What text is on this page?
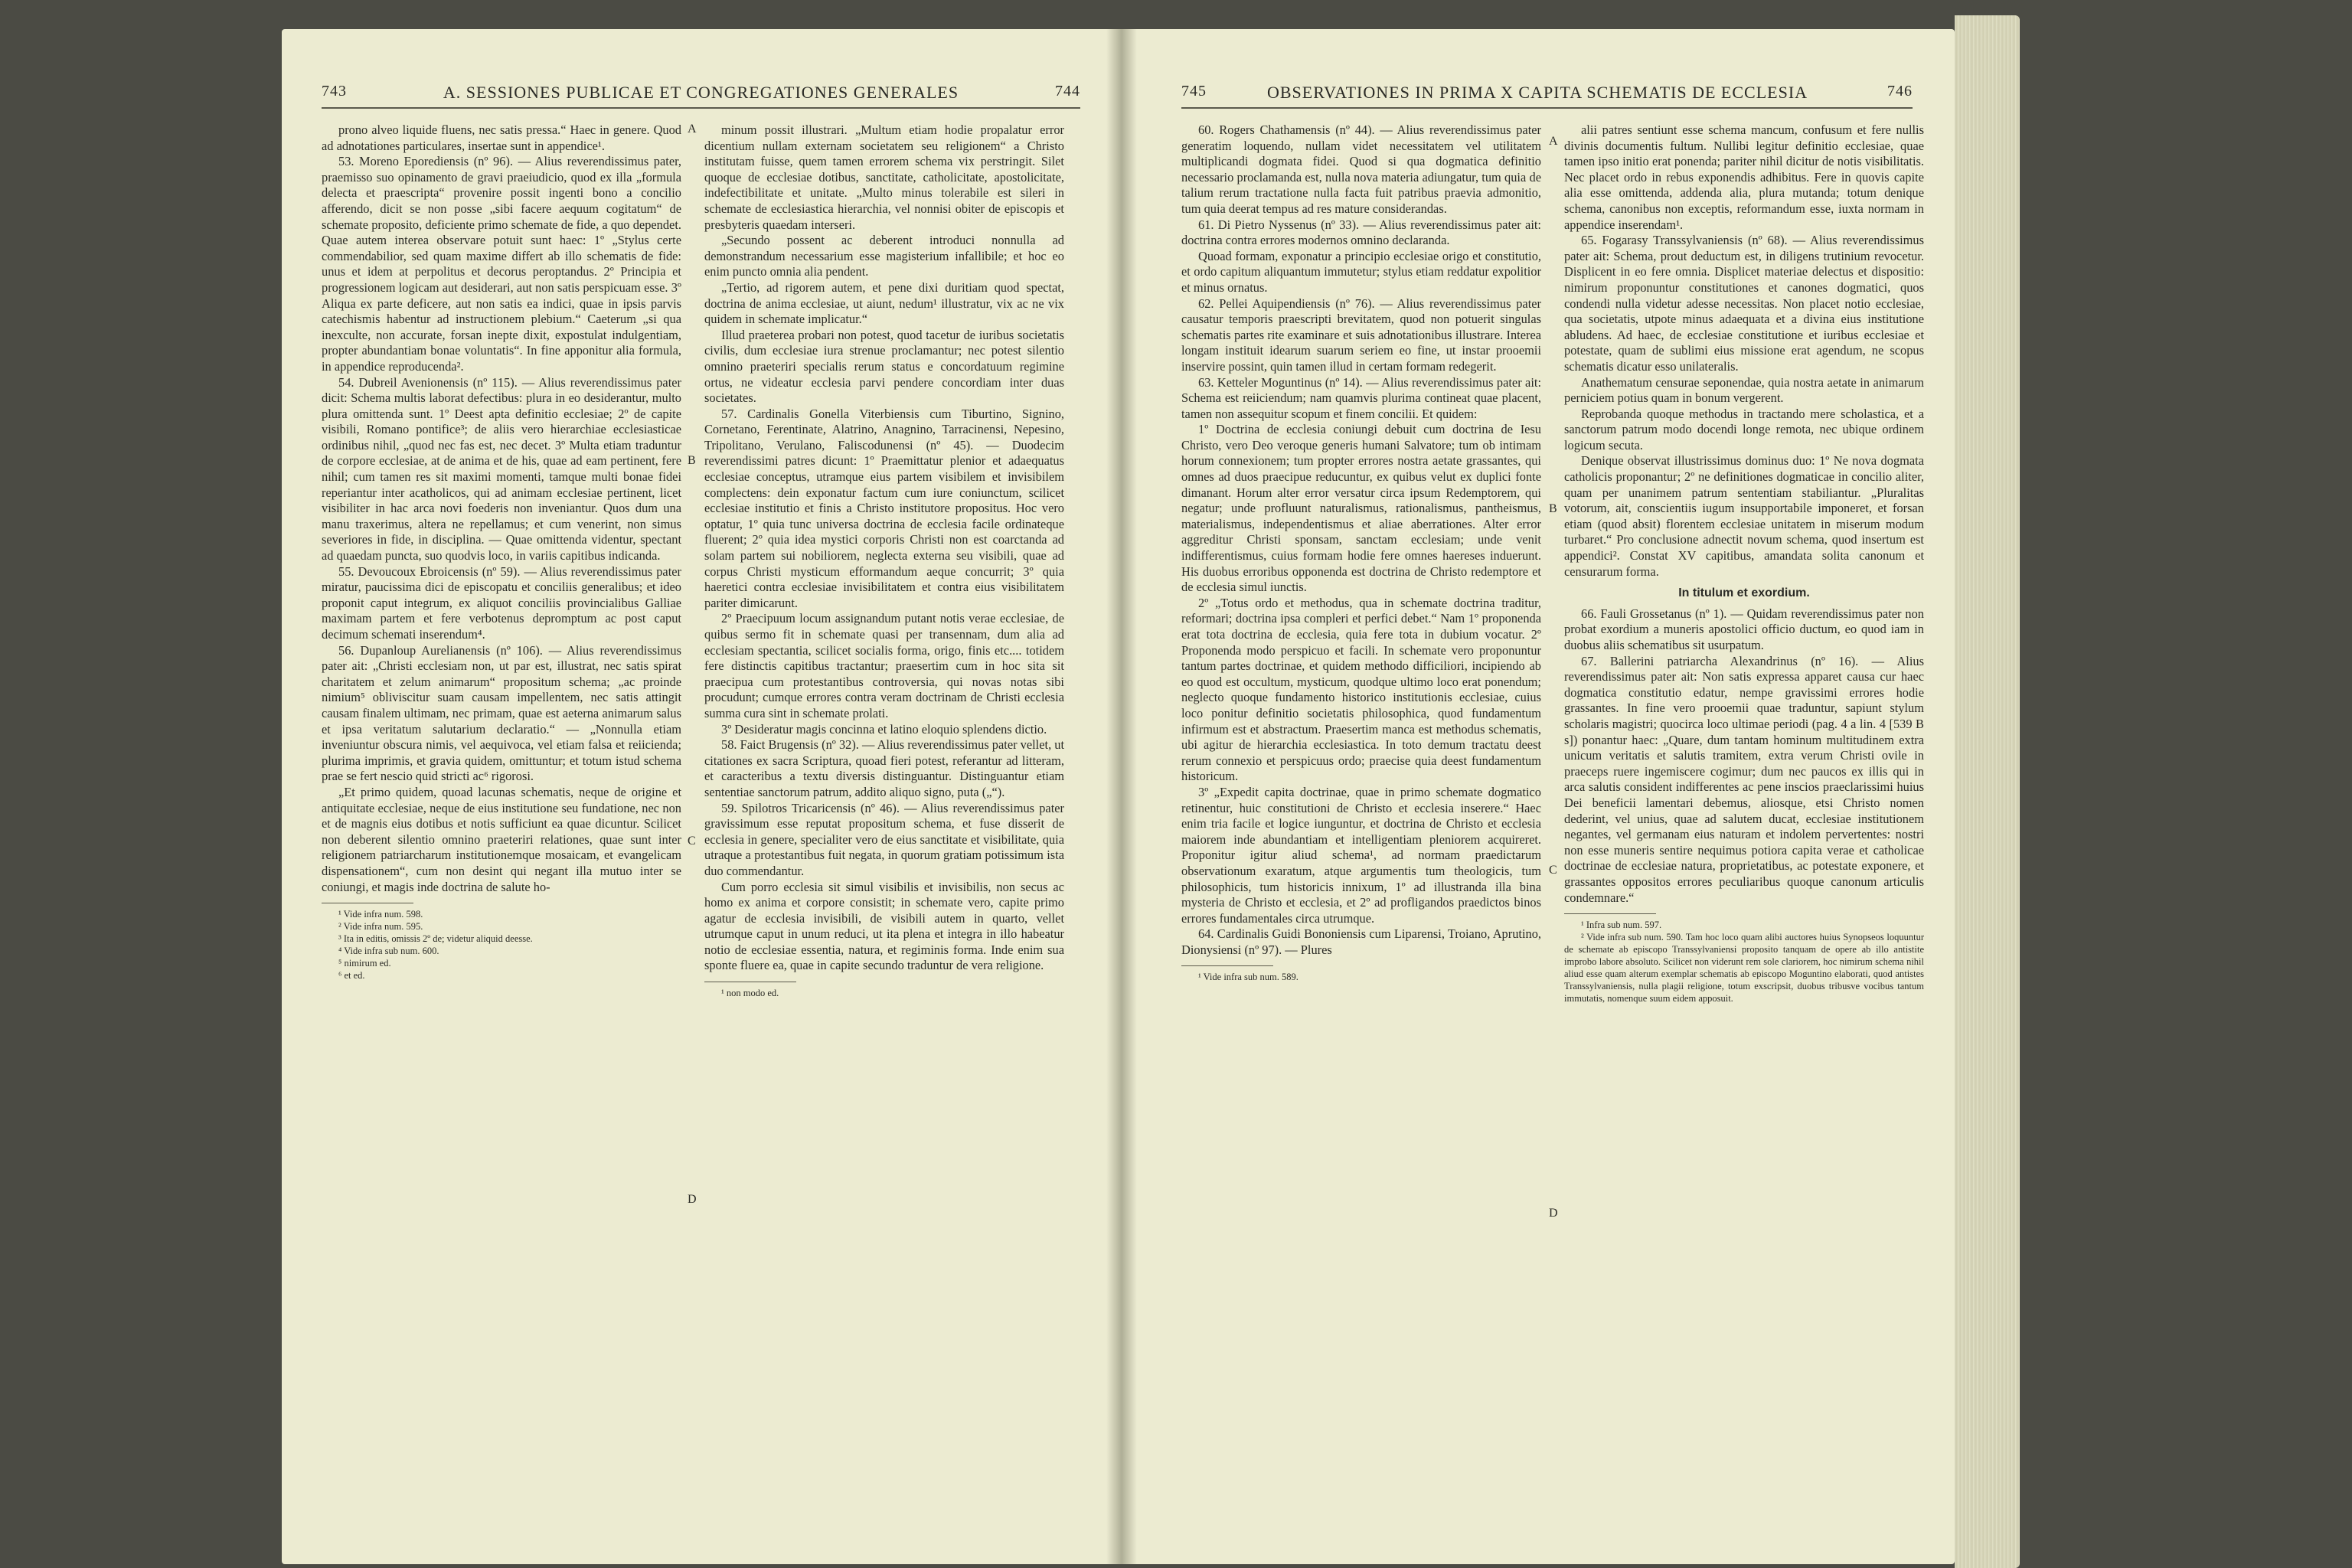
743	A. SESSIONES PUBLICAE ET CONGREGATIONES GENERALES	744

prono alveo liquide fluens, nec satis pressa.“ Haec in genere. Quod ad adnotationes particulares, insertae sunt in appendice¹.

53. Moreno Eporediensis (nº 96). — Alius reverendissimus pater, praemisso suo opinamento de gravi praeiudicio, quod ex illa „formula delecta et praescripta“ provenire possit ingenti bono a concilio afferendo, dicit se non posse „sibi facere aequum cogitatum“ de schemate proposito, deficiente primo schemate de fide, a quo dependet. Quae autem interea observare potuit sunt haec: 1º „Stylus certe commendabilior, sed quam maxime differt ab illo schematis de fide: unus et idem at perpolitus et decorus peroptandus. 2º Principia et progressionem logicam aut desiderari, aut non satis perspicuam esse. 3º Aliqua ex parte deficere, aut non satis ea indici, quae in ipsis parvis catechismis habentur ad instructionem plebium.“ Caeterum „si qua inexculte, non accurate, forsan inepte dixit, expostulat indulgentiam, propter abundantiam bonae voluntatis“. In fine apponitur alia formula, in appendice reproducenda².

54. Dubreil Avenionensis (nº 115). — Alius reverendissimus pater dicit: Schema multis laborat defectibus: plura in eo desiderantur, multo plura omittenda sunt. 1º Deest apta definitio ecclesiae; 2º de capite visibili, Romano pontifice³; de aliis vero hierarchiae ecclesiasticae ordinibus nihil, „quod nec fas est, nec decet. 3º Multa etiam traduntur de corpore ecclesiae, at de anima et de his, quae ad eam pertinent, fere nihil; cum tamen res sit maximi momenti, tamque multi bonae fidei reperiantur inter acatholicos, qui ad animam ecclesiae pertinent, licet visibiliter in hac arca novi foederis non inveniantur. Quos dum una manu traxerimus, altera ne repellamus; et cum venerint, non simus severiores in fide, in disciplina. — Quae omittenda videntur, spectant ad quaedam puncta, suo quodvis loco, in variis capitibus indicanda.

55. Devoucoux Ebroicensis (nº 59). — Alius reverendissimus pater miratur, paucissima dici de episcopatu et conciliis generalibus; et ideo proponit caput integrum, ex aliquot conciliis provincialibus Galliae maximam partem et fere verbotenus depromptum ac post caput decimum schemati inserendum⁴.

56. Dupanloup Aurelianensis (nº 106). — Alius reverendissimus pater ait: „Christi ecclesiam non, ut par est, illustrat, nec satis spirat charitatem et zelum animarum“ propositum schema; „ac proinde nimium⁵ obliviscitur suam causam impellentem, nec satis attingit causam finalem ultimam, nec primam, quae est aeterna animarum salus et ipsa veritatum salutarium declaratio.“ — „Nonnulla etiam inveniuntur obscura nimis, vel aequivoca, vel etiam falsa et reiicienda; plurima imprimis, et gravia quidem, omittuntur; et totum istud schema prae se fert nescio quid stricti ac⁶ rigorosi.

„Et primo quidem, quoad lacunas schematis, neque de origine et antiquitate ecclesiae, neque de eius institutione seu fundatione, nec non et de magnis eius dotibus et notis sufficiunt ea quae dicuntur. Scilicet non deberent silentio omnino praeteriri relationes, quae sunt inter religionem patriarcharum institutionemque mosaicam, et evangelicam dispensationem“, cum non desint qui negant illa mutuo inter se coniungi, et magis inde doctrina de salute ho-

¹ Vide infra num. 598.

² Vide infra num. 595.

³ Ita in editis, omissis 2º de; videtur aliquid deesse.

⁴ Vide infra sub num. 600.

⁵ nimirum ed.

⁶ et ed.

A
B
C
D

minum possit illustrari. „Multum etiam hodie propalatur error dicentium nullam externam societatem seu religionem“ a Christo institutam fuisse, quem tamen errorem schema vix perstringit. Silet quoque de ecclesiae dotibus, sanctitate, catholicitate, apostolicitate, indefectibilitate et unitate. „Multo minus tolerabile est sileri in schemate de ecclesiastica hierarchia, vel nonnisi obiter de episcopis et presbyteris quaedam interseri.

„Secundo possent ac deberent introduci nonnulla ad demonstrandum necessarium esse magisterium infallibile; et hoc eo enim puncto omnia alia pendent.

„Tertio, ad rigorem autem, et pene dixi duritiam quod spectat, doctrina de anima ecclesiae, ut aiunt, nedum¹ illustratur, vix ac ne vix quidem in schemate implicatur.“

Illud praeterea probari non potest, quod tacetur de iuribus societatis civilis, dum ecclesiae iura strenue proclamantur; nec potest silentio omnino praeteriri specialis rerum status e concordatuum regimine ortus, ne videatur ecclesia parvi pendere concordiam inter duas societates.

57. Cardinalis Gonella Viterbiensis cum Tiburtino, Signino, Cornetano, Ferentinate, Alatrino, Anagnino, Tarracinensi, Nepesino, Tripolitano, Verulano, Faliscodunensi (nº 45). — Duodecim reverendissimi patres dicunt: 1º Praemittatur plenior et adaequatus ecclesiae conceptus, utramque eius partem visibilem et invisibilem complectens: dein exponatur factum cum iure coniunctum, scilicet ecclesiae institutio et finis a Christo institutore propositus. Hoc vero optatur, 1º quia tunc universa doctrina de ecclesia facile ordinateque fluerent; 2º quia idea mystici corporis Christi non est coarctanda ad solam partem sui nobiliorem, neglecta externa seu visibili, quae ad corpus Christi mysticum efformandum aeque concurrit; 3º quia haeretici contra ecclesiae invisibilitatem et contra eius visibilitatem pariter dimicarunt.

2º Praecipuum locum assignandum putant notis verae ecclesiae, de quibus sermo fit in schemate quasi per transennam, dum alia ad ecclesiam spectantia, scilicet socialis forma, origo, finis etc.... totidem fere distinctis capitibus tractantur; praesertim cum in hoc sita sit praecipua cum protestantibus controversia, qui novas notas sibi procudunt; cumque errores contra veram doctrinam de Christi ecclesia summa cura sint in schemate prolati.

3º Desideratur magis concinna et latino eloquio splendens dictio.

58. Faict Brugensis (nº 32). — Alius reverendissimus pater vellet, ut citationes ex sacra Scriptura, quoad fieri potest, referantur ad litteram, et caracteribus a textu diversis distinguantur. Distinguantur etiam sententiae sanctorum patrum, addito aliquo signo, puta („“).

59. Spilotros Tricaricensis (nº 46). — Alius reverendissimus pater gravissimum esse reputat propositum schema, et fuse disserit de ecclesia in genere, specialiter vero de eius sanctitate et visibilitate, quia utraque a protestantibus fuit negata, in quorum gratiam potissimum ista duo commendantur.

Cum porro ecclesia sit simul visibilis et invisibilis, non secus ac homo ex anima et corpore consistit; in schemate vero, capite primo agatur de ecclesia invisibili, de visibili autem in quarto, vellet utrumque caput in unum reduci, ut ita plena et integra in illo habeatur notio de ecclesiae essentia, natura, et regiminis forma. Inde enim sua sponte fluere ea, quae in capite secundo traduntur de vera religione.

¹ non modo ed.

745	OBSERVATIONES IN PRIMA X CAPITA SCHEMATIS DE ECCLESIA	746

60. Rogers Chathamensis (nº 44). — Alius reverendissimus pater generatim loquendo, nullam videt necessitatem vel utilitatem multiplicandi dogmata fidei. Quod si qua dogmatica definitio necessario proclamanda est, nulla nova materia adiungatur, tum quia de talium rerum tractatione nulla facta fuit patribus praevia admonitio, tum quia deerat tempus ad res mature considerandas.

61. Di Pietro Nyssenus (nº 33). — Alius reverendissimus pater ait: doctrina contra errores modernos omnino declaranda.

Quoad formam, exponatur a principio ecclesiae origo et constitutio, et ordo capitum aliquantum immutetur; stylus etiam reddatur expolitior et minus ornatus.

62. Pellei Aquipendiensis (nº 76). — Alius reverendissimus pater causatur temporis praescripti brevitatem, quod non potuerit singulas schematis partes rite examinare et suis adnotationibus illustrare. Interea longam instituit idearum suarum seriem eo fine, ut instar prooemii inservire possint, quin tamen illud in certam formam redegerit.

63. Ketteler Moguntinus (nº 14). — Alius reverendissimus pater ait: Schema est reiiciendum; nam quamvis plurima contineat quae placent, tamen non assequitur scopum et finem concilii. Et quidem:

1º Doctrina de ecclesia coniungi debuit cum doctrina de Iesu Christo, vero Deo veroque generis humani Salvatore; tum ob intimam horum connexionem; tum propter errores nostra aetate grassantes, qui omnes ad duos praecipue reducuntur, ex quibus velut ex duplici fonte dimanant. Horum alter error versatur circa ipsum Redemptorem, qui negatur; unde profluunt naturalismus, rationalismus, pantheismus, materialismus, independentismus et aliae aberrationes. Alter error aggreditur Christi sponsam, sanctam ecclesiam; unde venit indifferentismus, cuius formam hodie fere omnes haereses induerunt. His duobus erroribus opponenda est doctrina de Christo redemptore et de ecclesia simul iunctis.

2º „Totus ordo et methodus, qua in schemate doctrina traditur, reformari; doctrina ipsa compleri et perfici debet.“ Nam 1º proponenda erat tota doctrina de ecclesia, quia fere tota in dubium vocatur. 2º Proponenda modo perspicuo et facili. In schemate vero proponuntur tantum partes doctrinae, et quidem methodo difficiliori, incipiendo ab eo quod est occultum, mysticum, quodque ultimo loco erat ponendum; neglecto quoque fundamento historico institutionis ecclesiae, cuius loco ponitur definitio societatis philosophica, quod fundamentum infirmum est et abstractum. Praesertim manca est methodus schematis, ubi agitur de hierarchia ecclesiastica. In toto demum tractatu deest rerum connexio et perspicuus ordo; praecise quia deest fundamentum historicum.

3º „Expedit capita doctrinae, quae in primo schemate dogmatico retinentur, huic constitutioni de Christo et ecclesia inserere.“ Haec enim tria facile et logice iunguntur, et doctrina de Christo et ecclesia maiorem inde abundantiam et intelligentiam pleniorem acquireret. Proponitur igitur aliud schema¹, ad normam praedictarum observationum exaratum, atque argumentis tum theologicis, tum philosophicis, tum historicis innixum, 1º ad illustranda illa bina mysteria de Christo et ecclesia, et 2º ad profligandos praedictos binos errores fundamentales circa utrumque.

64. Cardinalis Guidi Bononiensis cum Liparensi, Troiano, Aprutino, Dionysiensi (nº 97). — Plures

¹ Vide infra sub num. 589.

A
B
C
D

alii patres sentiunt esse schema mancum, confusum et fere nullis divinis documentis fultum. Nullibi legitur definitio ecclesiae, quae tamen ipso initio erat ponenda; pariter nihil dicitur de notis visibilitatis. Nec placet ordo in rebus exponendis adhibitus. Fere in quovis capite alia esse omittenda, addenda alia, plura mutanda; totum denique schema, canonibus non exceptis, reformandum esse, iuxta normam in appendice inserendam¹.

65. Fogarasy Transsylvaniensis (nº 68). — Alius reverendissimus pater ait: Schema, prout deductum est, in diligens trutinium revocetur. Displicent in eo fere omnia. Displicet materiae delectus et dispositio: nimirum proponuntur constitutiones et canones dogmatici, quos condendi nulla videtur adesse necessitas. Non placet notio ecclesiae, qua societatis, utpote minus adaequata et a divina eius institutione abludens. Ad haec, de ecclesiae constitutione et iuribus ecclesiae et potestate, quam de sublimi eius missione erat agendum, ne scopus schematis dicatur esso unilateralis.

Anathematum censurae seponendae, quia nostra aetate in animarum perniciem potius quam in bonum vergerent.

Reprobanda quoque methodus in tractando mere scholastica, et a sanctorum patrum modo docendi longe remota, nec ubique ordinem logicum secuta.

Denique observat illustrissimus dominus duo: 1º Ne nova dogmata catholicis proponantur; 2º ne definitiones dogmaticae in concilio aliter, quam per unanimem patrum sententiam stabiliantur. „Pluralitas votorum, ait, conscientiis iugum insupportabile imponeret, et forsan etiam (quod absit) florentem ecclesiae unitatem in miserum modum turbaret.“ Pro conclusione adnectit novum schema, quod insertum est appendici². Constat XV capitibus, amandata solita canonum et censurarum forma.

In titulum et exordium.

66. Fauli Grossetanus (nº 1). — Quidam reverendissimus pater non probat exordium a muneris apostolici officio ductum, eo quod iam in duobus aliis schematibus sit usurpatum.

67. Ballerini patriarcha Alexandrinus (nº 16). — Alius reverendissimus pater ait: Non satis expressa apparet causa cur haec dogmatica constitutio edatur, nempe gravissimi errores hodie grassantes. In fine vero prooemii quae traduntur, sapiunt stylum scholaris magistri; quocirca loco ultimae periodi (pag. 4 a lin. 4 [539 B s]) ponantur haec: „Quare, dum tantam hominum multitudinem extra unicum veritatis et salutis tramitem, extra verum Christi ovile in praeceps ruere ingemiscere cogimur; dum nec paucos ex illis qui in arca salutis consident indifferentes ac pene inscios praeclarissimi huius Dei beneficii lamentari debemus, aliosque, etsi Christo nomen dederint, vel unius, quae ad salutem ducat, ecclesiae institutionem negantes, vel germanam eius naturam et indolem pervertentes: nostri non esse muneris sentire nequimus potiora capita verae et catholicae doctrinae de ecclesiae natura, proprietatibus, ac potestate exponere, et grassantes oppositos errores peculiaribus quoque canonum articulis condemnare.“

¹ Infra sub num. 597.

² Vide infra sub num. 590. Tam hoc loco quam alibi auctores huius Synopseos loquuntur de schemate ab episcopo Transsylvaniensi proposito tanquam de opere ab illo antistite improbo labore absoluto. Scilicet non viderunt rem sole clariorem, hoc nimirum schema nihil aliud esse quam alterum exemplar schematis ab episcopo Moguntino elaborati, quod antistes Transsylvaniensis, nulla plagii religione, totum exscripsit, duobus tribusve vocibus tantum immutatis, nomenque suum eidem apposuit.
